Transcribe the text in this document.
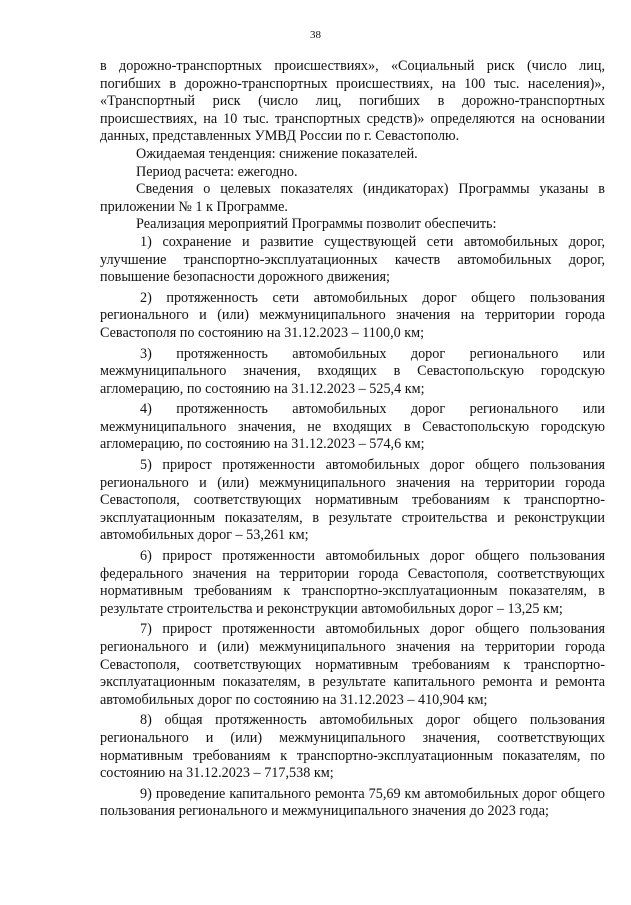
38

в дорожно-транспортных происшествиях», «Социальный риск (число лиц, погибших в дорожно-транспортных происшествиях, на 100 тыс. населения)», «Транспортный риск (число лиц, погибших в дорожно-транспортных происшествиях, на 10 тыс. транспортных средств)» определяются на основании данных, представленных УМВД России по г. Севастополю.

Ожидаемая тенденция: снижение показателей.

Период расчета: ежегодно.

Сведения о целевых показателях (индикаторах) Программы указаны в приложении № 1 к Программе.

Реализация мероприятий Программы позволит обеспечить:

1) сохранение и развитие существующей сети автомобильных дорог, улучшение транспортно-эксплуатационных качеств автомобильных дорог, повышение безопасности дорожного движения;

2) протяженность сети автомобильных дорог общего пользования регионального и (или) межмуниципального значения на территории города Севастополя по состоянию на 31.12.2023 – 1100,0 км;

3) протяженность автомобильных дорог регионального или межмуниципального значения, входящих в Севастопольскую городскую агломерацию, по состоянию на 31.12.2023 – 525,4 км;

4) протяженность автомобильных дорог регионального или межмуниципального значения, не входящих в Севастопольскую городскую агломерацию, по состоянию на 31.12.2023 – 574,6 км;

5) прирост протяженности автомобильных дорог общего пользования регионального и (или) межмуниципального значения на территории города Севастополя, соответствующих нормативным требованиям к транспортно-эксплуатационным показателям, в результате строительства и реконструкции автомобильных дорог – 53,261 км;

6) прирост протяженности автомобильных дорог общего пользования федерального значения на территории города Севастополя, соответствующих нормативным требованиям к транспортно-эксплуатационным показателям, в результате строительства и реконструкции автомобильных дорог – 13,25 км;

7) прирост протяженности автомобильных дорог общего пользования регионального и (или) межмуниципального значения на территории города Севастополя, соответствующих нормативным требованиям к транспортно-эксплуатационным показателям, в результате капитального ремонта и ремонта автомобильных дорог по состоянию на 31.12.2023 – 410,904 км;

8) общая протяженность автомобильных дорог общего пользования регионального и (или) межмуниципального значения, соответствующих нормативным требованиям к транспортно-эксплуатационным показателям, по состоянию на 31.12.2023 – 717,538 км;

9) проведение капитального ремонта 75,69 км автомобильных дорог общего пользования регионального и межмуниципального значения до 2023 года;
